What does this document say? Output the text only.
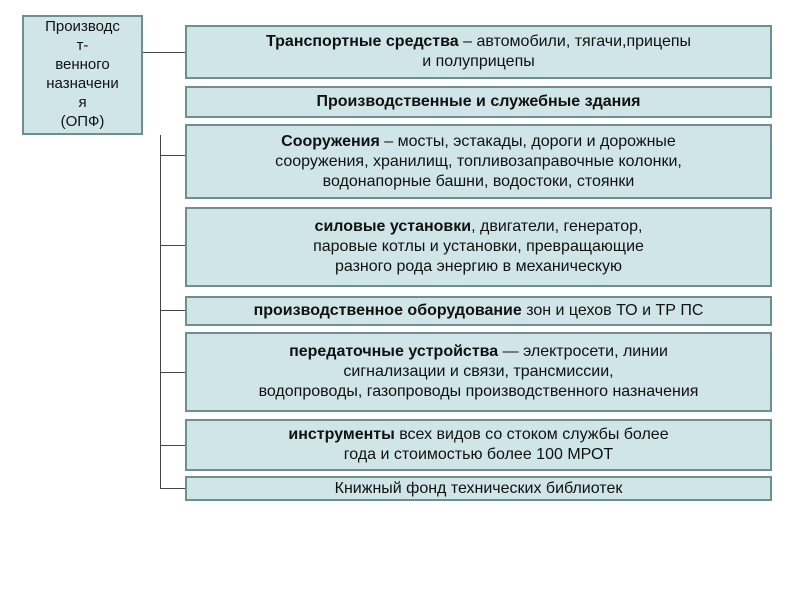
Производс
т-
венного
назначени
я
(ОПФ)
Транспортные средства – автомобили, тягачи,прицепы
и полуприцепы
Производственные и служебные здания
Сооружения – мосты, эстакады, дороги и дорожные
сооружения, хранилищ, топливозаправочные колонки,
водонапорные башни, водостоки, стоянки
силовые установки, двигатели, генератор,
паровые котлы и установки, превращающие
разного рода энергию в механическую
производственное оборудование зон и цехов ТО и ТР ПС
передаточные устройства — электросети, линии
сигнализации и связи, трансмиссии,
водопроводы, газопроводы производственного назначения
инструменты всех видов со стоком службы более
года и стоимостью более 100 МРОТ
Книжный фонд технических библиотек
